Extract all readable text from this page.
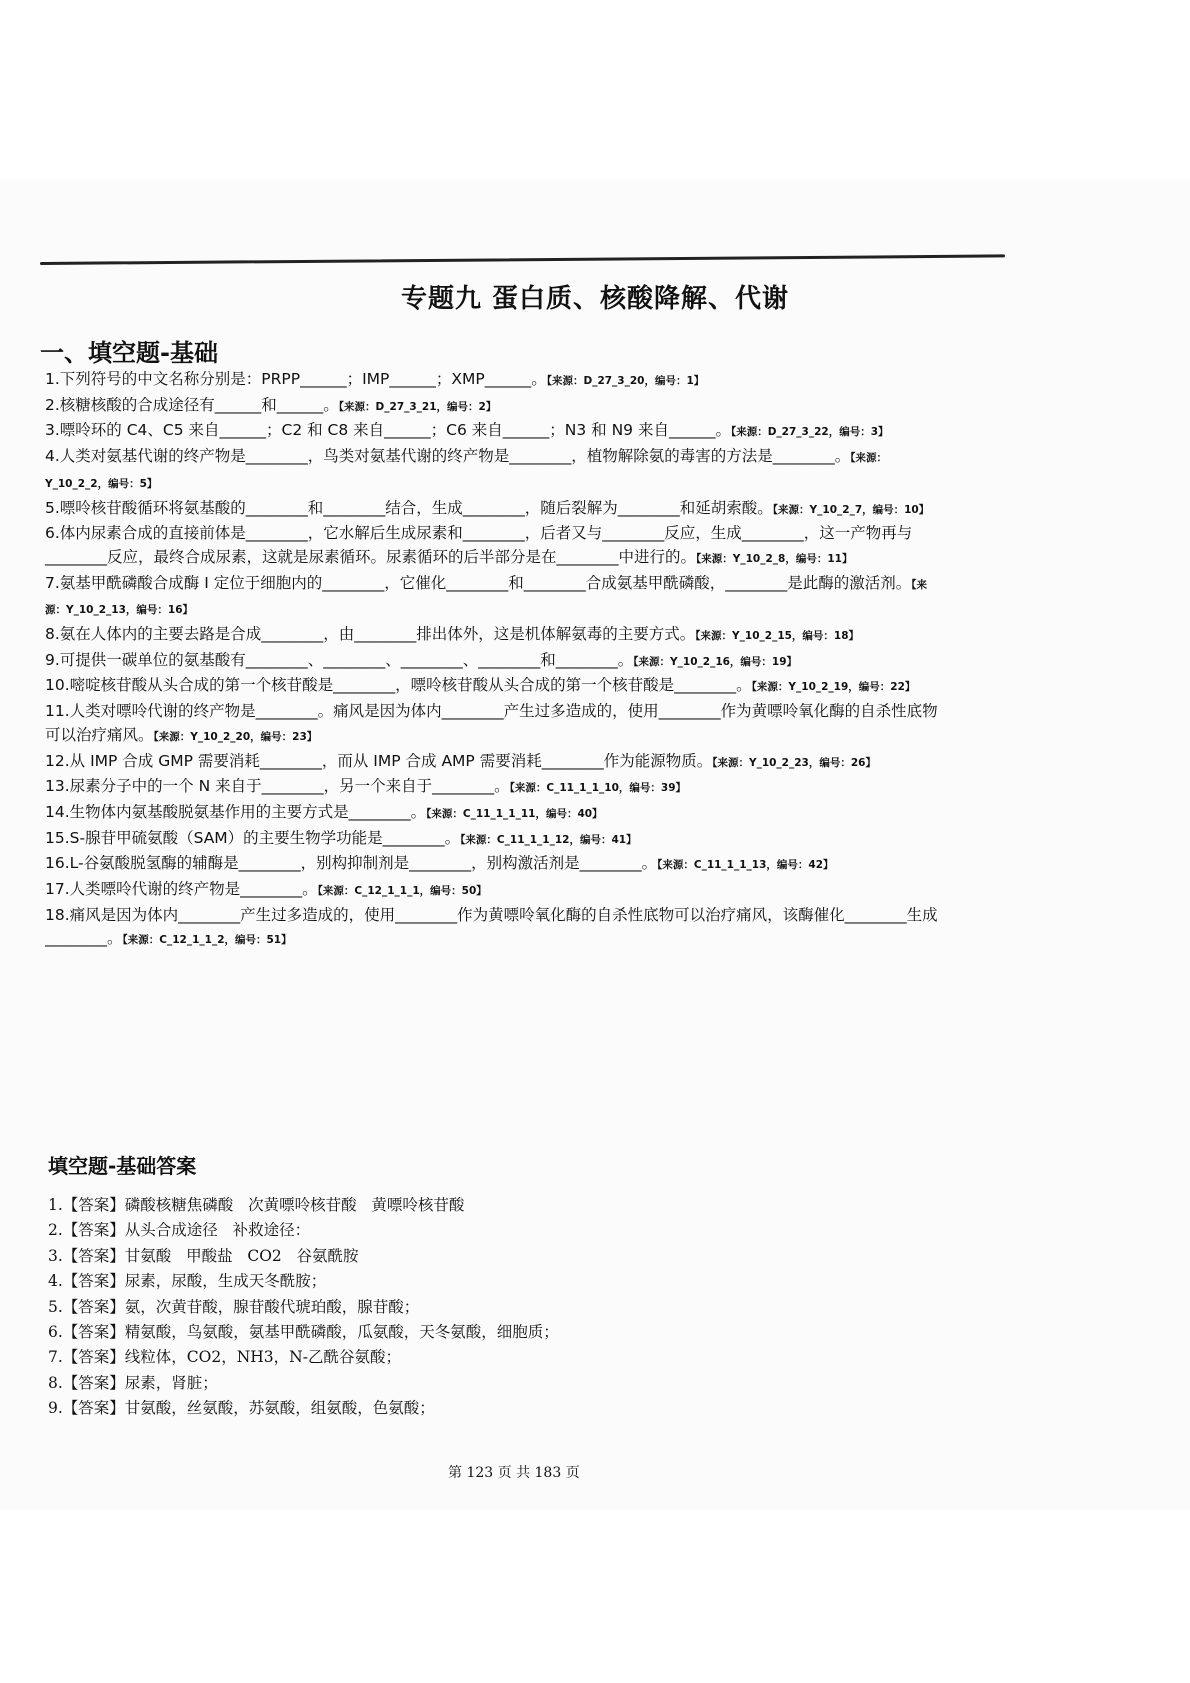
专题九 蛋白质、核酸降解、代谢
一、填空题-基础

1.下列符号的中文名称分别是：PRPP______；IMP______；XMP______。【来源：D_27_3_20，编号：1】

2.核糖核酸的合成途径有______和______。【来源：D_27_3_21，编号：2】

3.嘌呤环的 C4、C5 来自______；C2 和 C8 来自______；C6 来自______；N3 和 N9 来自______。【来源：D_27_3_22，编号：3】

4.人类对氨基代谢的终产物是________，鸟类对氨基代谢的终产物是________，植物解除氨的毒害的方法是________。【来源：Y_10_2_2，编号：5】

5.嘌呤核苷酸循环将氨基酸的________和________结合，生成________，随后裂解为________和延胡索酸。【来源：Y_10_2_7，编号：10】

6.体内尿素合成的直接前体是________，它水解后生成尿素和________，后者又与________反应，生成________，这一产物再与________反应，最终合成尿素，这就是尿素循环。尿素循环的后半部分是在________中进行的。【来源：Y_10_2_8，编号：11】

7.氨基甲酰磷酸合成酶 I 定位于细胞内的________，它催化________和________合成氨基甲酰磷酸，________是此酶的激活剂。【来源：Y_10_2_13，编号：16】

8.氨在人体内的主要去路是合成________，由________排出体外，这是机体解氨毒的主要方式。【来源：Y_10_2_15，编号：18】

9.可提供一碳单位的氨基酸有________、________、________、________和________。【来源：Y_10_2_16，编号：19】

10.嘧啶核苷酸从头合成的第一个核苷酸是________，嘌呤核苷酸从头合成的第一个核苷酸是________。【来源：Y_10_2_19，编号：22】

11.人类对嘌呤代谢的终产物是________。痛风是因为体内________产生过多造成的，使用________作为黄嘌呤氧化酶的自杀性底物可以治疗痛风。【来源：Y_10_2_20，编号：23】

12.从 IMP 合成 GMP 需要消耗________，而从 IMP 合成 AMP 需要消耗________作为能源物质。【来源：Y_10_2_23，编号：26】

13.尿素分子中的一个 N 来自于________，另一个来自于________。【来源：C_11_1_1_10，编号：39】

14.生物体内氨基酸脱氨基作用的主要方式是________。【来源：C_11_1_1_11，编号：40】

15.S-腺苷甲硫氨酸（SAM）的主要生物学功能是________。【来源：C_11_1_1_12，编号：41】

16.L-谷氨酸脱氢酶的辅酶是________，别构抑制剂是________，别构激活剂是________。【来源：C_11_1_1_13，编号：42】

17.人类嘌呤代谢的终产物是________。【来源：C_12_1_1_1，编号：50】

18.痛风是因为体内________产生过多造成的，使用________作为黄嘌呤氧化酶的自杀性底物可以治疗痛风，该酶催化________生成________。【来源：C_12_1_1_2，编号：51】

填空题-基础答案
1.【答案】磷酸核糖焦磷酸   次黄嘌呤核苷酸   黄嘌呤核苷酸
2.【答案】从头合成途径   补救途径：
3.【答案】甘氨酸   甲酸盐   CO2   谷氨酰胺
4.【答案】尿素，尿酸，生成天冬酰胺；
5.【答案】氨，次黄苷酸，腺苷酸代琥珀酸，腺苷酸；
6.【答案】精氨酸，鸟氨酸，氨基甲酰磷酸，瓜氨酸，天冬氨酸，细胞质；
7.【答案】线粒体，CO2，NH3，N-乙酰谷氨酸；
8.【答案】尿素，肾脏；
9.【答案】甘氨酸，丝氨酸，苏氨酸，组氨酸，色氨酸；
第 123 页 共 183 页
